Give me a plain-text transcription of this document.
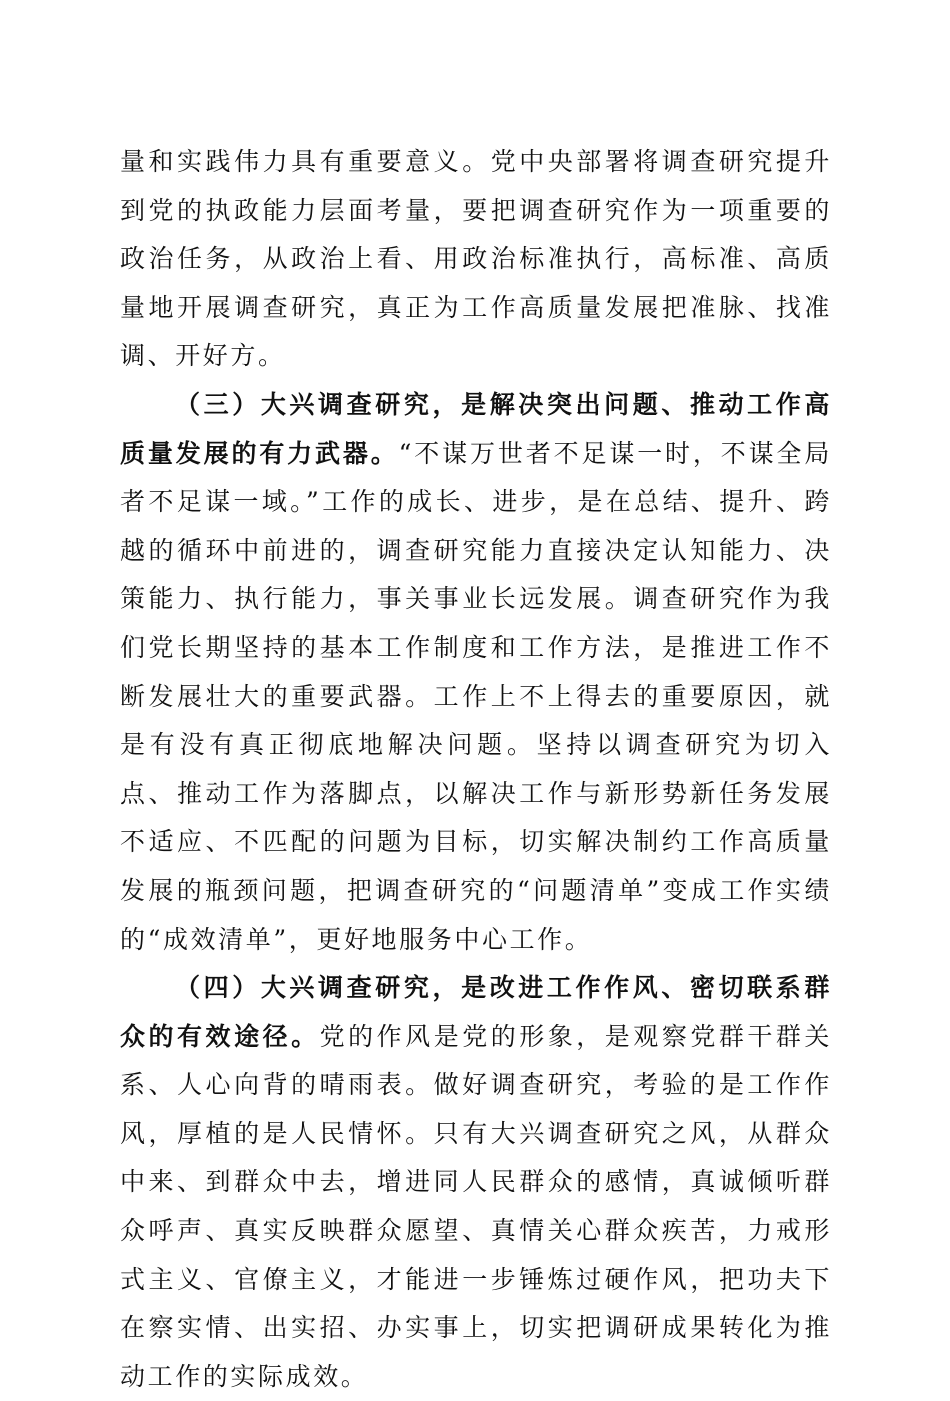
量和实践伟力具有重要意义。党中央部署将调查研究提升到党的执政能力层面考量，要把调查研究作为一项重要的政治任务，从政治上看、用政治标准执行，高标准、高质量地开展调查研究，真正为工作高质量发展把准脉、找准调、开好方。

（三）大兴调查研究，是解决突出问题、推动工作高质量发展的有力武器。“不谋万世者不足谋一时，不谋全局者不足谋一域。”工作的成长、进步，是在总结、提升、跨越的循环中前进的，调查研究能力直接决定认知能力、决策能力、执行能力，事关事业长远发展。调查研究作为我们党长期坚持的基本工作制度和工作方法，是推进工作不断发展壮大的重要武器。工作上不上得去的重要原因，就是有没有真正彻底地解决问题。坚持以调查研究为切入点、推动工作为落脚点，以解决工作与新形势新任务发展不适应、不匹配的问题为目标，切实解决制约工作高质量发展的瓶颈问题，把调查研究的“问题清单”变成工作实绩的“成效清单”，更好地服务中心工作。

（四）大兴调查研究，是改进工作作风、密切联系群众的有效途径。党的作风是党的形象，是观察党群干群关系、人心向背的晴雨表。做好调查研究，考验的是工作作风，厚植的是人民情怀。只有大兴调查研究之风，从群众中来、到群众中去，增进同人民群众的感情，真诚倾听群众呼声、真实反映群众愿望、真情关心群众疾苦，力戒形式主义、官僚主义，才能进一步锤炼过硬作风，把功夫下在察实情、出实招、办实事上，切实把调研成果转化为推动工作的实际成效。
